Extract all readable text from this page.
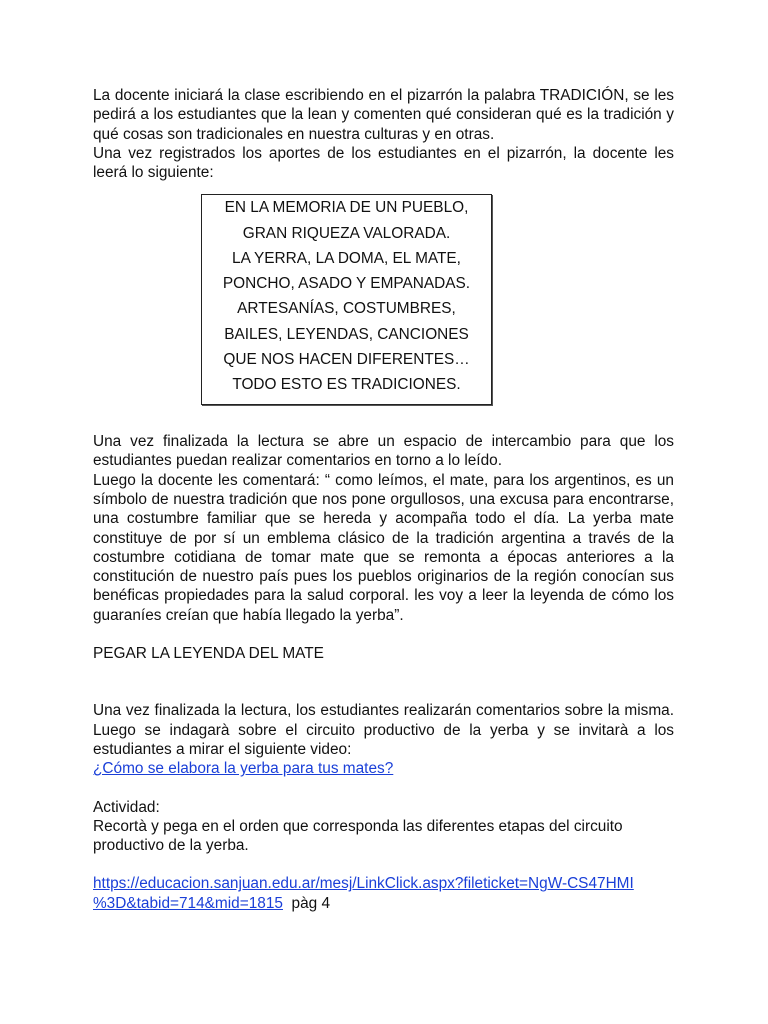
La docente iniciará la clase escribiendo en el pizarrón la palabra TRADICIÓN, se les pedirá a los estudiantes que la lean y comenten qué consideran qué es la tradición y qué cosas son tradicionales en nuestra culturas y en otras.

Una vez registrados los aportes de los estudiantes en el pizarrón, la docente les leerá lo siguiente:

EN LA MEMORIA DE UN PUEBLO,
GRAN RIQUEZA VALORADA.
LA YERRA, LA DOMA, EL MATE,
PONCHO, ASADO Y EMPANADAS.
ARTESANÍAS, COSTUMBRES,
BAILES, LEYENDAS, CANCIONES
QUE NOS HACEN DIFERENTES…
TODO ESTO ES TRADICIONES.

Una vez finalizada la lectura se abre un espacio de intercambio para que los estudiantes puedan realizar comentarios en torno a lo leído.

Luego la docente les comentará: “ como leímos, el mate, para los argentinos, es un símbolo de nuestra tradición que nos pone orgullosos, una excusa para encontrarse, una costumbre familiar que se hereda y acompaña todo el día. La yerba mate constituye de por sí un emblema clásico de la tradición argentina a través de la costumbre cotidiana de tomar mate que se remonta a épocas anteriores a la constitución de nuestro país pues los pueblos originarios de la región conocían sus benéficas propiedades para la salud corporal. les voy a leer la leyenda de cómo los guaraníes creían que había llegado la yerba”.

PEGAR LA LEYENDA DEL MATE

Una vez finalizada la lectura, los estudiantes realizarán comentarios sobre la misma. Luego se indagarà sobre el circuito productivo de la yerba y se invitarà a los estudiantes a mirar el siguiente video:

¿Cómo se elabora la yerba para tus mates?

Actividad:

Recortà y pega en el orden que corresponda las diferentes etapas del circuito productivo de la yerba.

https://educacion.sanjuan.edu.ar/mesj/LinkClick.aspx?fileticket=NgW-CS47HMI

%3D&tabid=714&mid=1815 pàg 4
